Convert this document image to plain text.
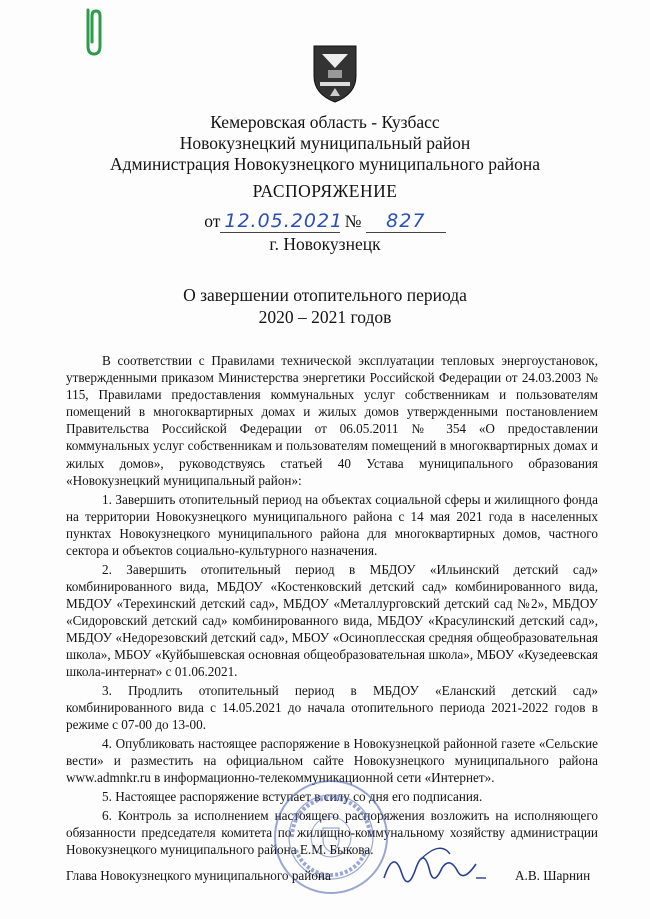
Кемеровская область - Кузбасс
Новокузнецкий муниципальный район
Администрация Новокузнецкого муниципального района
РАСПОРЯЖЕНИЕ
от 12.05.2021 № 827
г. Новокузнецк
О завершении отопительного периода
2020 – 2021 годов

В соответствии с Правилами технической эксплуатации тепловых энергоустановок, утвержденными приказом Министерства энергетики Российской Федерации от 24.03.2003 № 115, Правилами предоставления коммунальных услуг собственникам и пользователям помещений в многоквартирных домах и жилых домов утвержденными постановлением Правительства Российской Федерации от 06.05.2011 № 354 «О предоставлении коммунальных услуг собственникам и пользователям помещений в многоквартирных домах и жилых домов», руководствуясь статьей 40 Устава муниципального образования «Новокузнецкий муниципальный район»:

1. Завершить отопительный период на объектах социальной сферы и жилищного фонда на территории Новокузнецкого муниципального района с 14 мая 2021 года в населенных пунктах Новокузнецкого муниципального района для многоквартирных домов, частного сектора и объектов социально-культурного назначения.

2. Завершить отопительный период в МБДОУ «Ильинский детский сад» комбинированного вида, МБДОУ «Костенковский детский сад» комбинированного вида, МБДОУ «Терехинский детский сад», МБДОУ «Металлурговский детский сад №2», МБДОУ «Сидоровский детский сад» комбинированного вида, МБДОУ «Красулинский детский сад», МБДОУ «Недорезовский детский сад», МБОУ «Осиноплесская средняя общеобразовательная школа», МБОУ «Куйбышевская основная общеобразовательная школа», МБОУ «Кузедеевская школа-интернат» с 01.06.2021.

3. Продлить отопительный период в МБДОУ «Еланский детский сад» комбинированного вида с 14.05.2021 до начала отопительного периода 2021-2022 годов в режиме с 07-00 до 13-00.

4. Опубликовать настоящее распоряжение в Новокузнецкой районной газете «Сельские вести» и разместить на официальном сайте Новокузнецкого муниципального района www.admnkr.ru в информационно-телекоммуникационной сети «Интернет».

5. Настоящее распоряжение вступает в силу со дня его подписания.

6. Контроль за исполнением настоящего распоряжения возложить на исполняющего обязанности председателя комитета по жилищно-коммунальному хозяйству администрации Новокузнецкого муниципального района Е.М. Быкова.

Глава Новокузнецкого муниципального района	А.В. Шарнин
